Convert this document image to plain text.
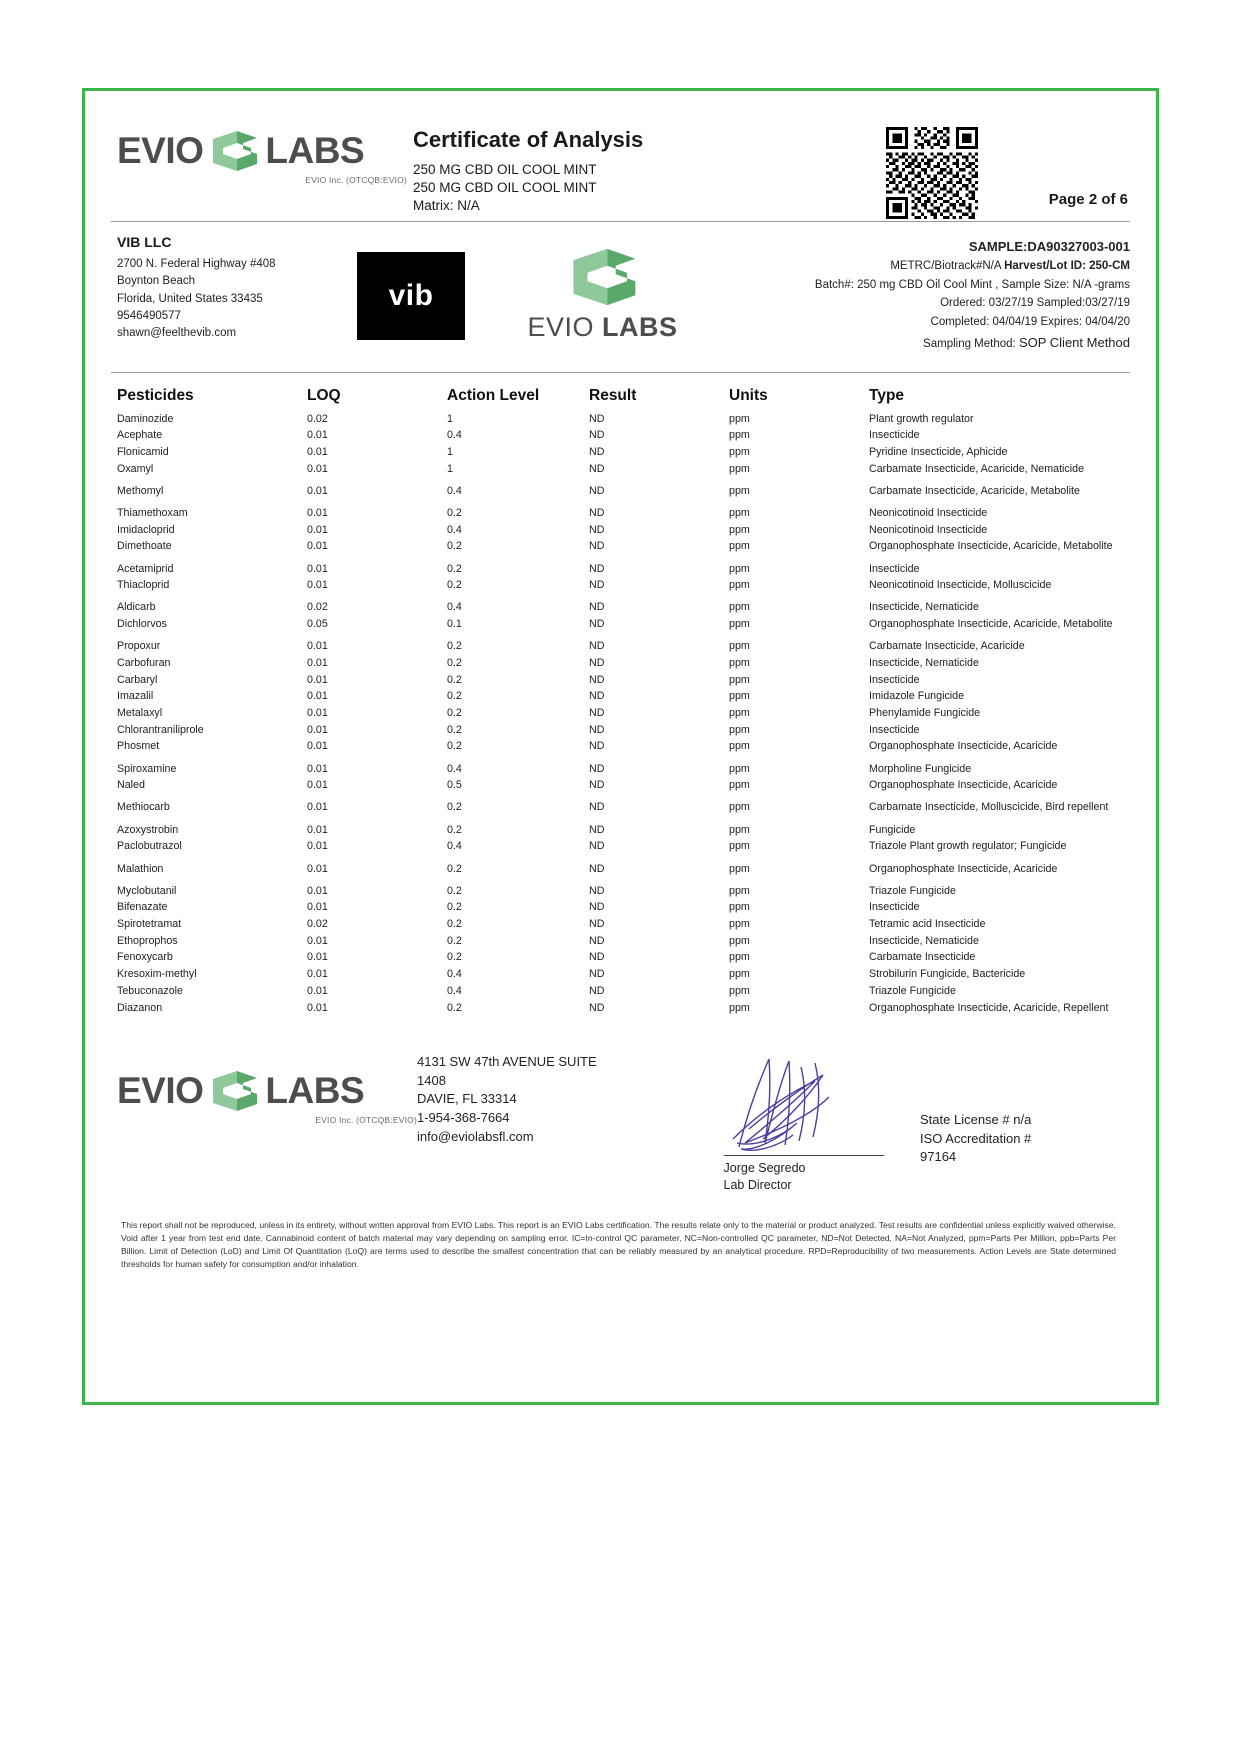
EVIO LABS
EVIO Inc. (OTCQB:EVIO)
Certificate of Analysis
250 MG CBD OIL COOL MINT
250 MG CBD OIL COOL MINT
Matrix: N/A	Page 2 of 6
VIB LLC
2700 N. Federal Highway #408
Boynton Beach
Florida, United States 33435
9546490577
shawn@feelthevib.com
vib
EVIO LABS
SAMPLE:DA90327003-001
METRC/Biotrack#N/A Harvest/Lot ID: 250-CM
Batch#: 250 mg CBD Oil Cool Mint , Sample Size: N/A -grams
Ordered: 03/27/19 Sampled:03/27/19
Completed: 04/04/19 Expires: 04/04/20
Sampling Method: SOP Client Method
Pesticides	LOQ	Action Level	Result	Units	Type
Daminozide	0.02	1	ND	ppm	Plant growth regulator
Acephate	0.01	0.4	ND	ppm	Insecticide
Flonicamid	0.01	1	ND	ppm	Pyridine Insecticide, Aphicide
Oxamyl	0.01	1	ND	ppm	Carbamate Insecticide, Acaricide, Nematicide
Methomyl	0.01	0.4	ND	ppm	Carbamate Insecticide, Acaricide, Metabolite
Thiamethoxam	0.01	0.2	ND	ppm	Neonicotinoid Insecticide
Imidacloprid	0.01	0.4	ND	ppm	Neonicotinoid Insecticide
Dimethoate	0.01	0.2	ND	ppm	Organophosphate Insecticide, Acaricide, Metabolite
Acetamiprid	0.01	0.2	ND	ppm	Insecticide
Thiacloprid	0.01	0.2	ND	ppm	Neonicotinoid Insecticide, Molluscicide
Aldicarb	0.02	0.4	ND	ppm	Insecticide, Nematicide
Dichlorvos	0.05	0.1	ND	ppm	Organophosphate Insecticide, Acaricide, Metabolite
Propoxur	0.01	0.2	ND	ppm	Carbamate Insecticide, Acaricide
Carbofuran	0.01	0.2	ND	ppm	Insecticide, Nematicide
Carbaryl	0.01	0.2	ND	ppm	Insecticide
Imazalil	0.01	0.2	ND	ppm	Imidazole Fungicide
Metalaxyl	0.01	0.2	ND	ppm	Phenylamide Fungicide
Chlorantraniliprole	0.01	0.2	ND	ppm	Insecticide
Phosmet	0.01	0.2	ND	ppm	Organophosphate Insecticide, Acaricide
Spiroxamine	0.01	0.4	ND	ppm	Morpholine Fungicide
Naled	0.01	0.5	ND	ppm	Organophosphate Insecticide, Acaricide
Methiocarb	0.01	0.2	ND	ppm	Carbamate Insecticide, Molluscicide, Bird repellent
Azoxystrobin	0.01	0.2	ND	ppm	Fungicide
Paclobutrazol	0.01	0.4	ND	ppm	Triazole Plant growth regulator; Fungicide
Malathion	0.01	0.2	ND	ppm	Organophosphate Insecticide, Acaricide
Myclobutanil	0.01	0.2	ND	ppm	Triazole Fungicide
Bifenazate	0.01	0.2	ND	ppm	Insecticide
Spirotetramat	0.02	0.2	ND	ppm	Tetramic acid Insecticide
Ethoprophos	0.01	0.2	ND	ppm	Insecticide, Nematicide
Fenoxycarb	0.01	0.2	ND	ppm	Carbamate Insecticide
Kresoxim-methyl	0.01	0.4	ND	ppm	Strobilurin Fungicide, Bactericide
Tebuconazole	0.01	0.4	ND	ppm	Triazole Fungicide
Diazanon	0.01	0.2	ND	ppm	Organophosphate Insecticide, Acaricide, Repellent
EVIO LABS
EVIO Inc. (OTCQB:EVIO)
4131 SW 47th AVENUE SUITE
1408
DAVIE, FL 33314
1-954-368-7664
info@eviolabsfl.com
Jorge Segredo
Lab Director
State License # n/a
ISO Accreditation #
97164
This report shall not be reproduced, unless in its entirety, without written approval from EVIO Labs. This report is an EVIO Labs certification. The results relate only to the material or product analyzed. Test results are confidential unless explicitly waived otherwise. Void after 1 year from test end date. Cannabinoid content of batch material may vary depending on sampling error. IC=In-control QC parameter, NC=Non-controlled QC parameter, ND=Not Detected, NA=Not Analyzed, ppm=Parts Per Million, ppb=Parts Per Billion. Limit of Detection (LoD) and Limit Of Quantitation (LoQ) are terms used to describe the smallest concentration that can be reliably measured by an analytical procedure. RPD=Reproducibility of two measurements. Action Levels are State determined thresholds for human safety for consumption and/or inhalation.
